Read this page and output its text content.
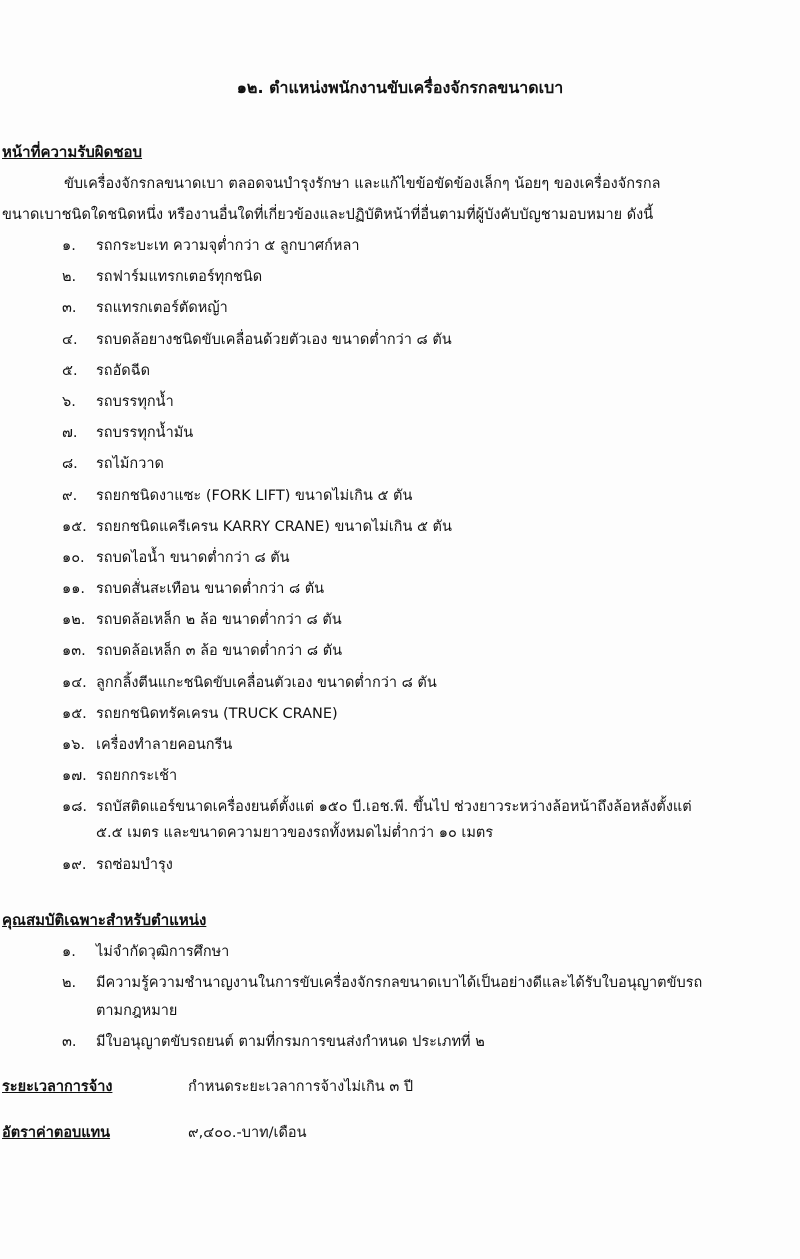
๑๒. ตำแหน่งพนักงานขับเครื่องจักรกลขนาดเบา
หน้าที่ความรับผิดชอบ
ขับเครื่องจักรกลขนาดเบา ตลอดจนบำรุงรักษา และแก้ไขข้อขัดข้องเล็กๆ น้อยๆ ของเครื่องจักรกล
ขนาดเบาชนิดใดชนิดหนึ่ง หรืองานอื่นใดที่เกี่ยวข้องและปฏิบัติหน้าที่อื่นตามที่ผู้บังคับบัญชามอบหมาย ดังนี้
๑. รถกระบะเท ความจุต่ำกว่า ๕ ลูกบาศก์หลา
๒. รถฟาร์มแทรกเตอร์ทุกชนิด
๓. รถแทรกเตอร์ตัดหญ้า
๔. รถบดล้อยางชนิดขับเคลื่อนด้วยตัวเอง ขนาดต่ำกว่า ๘ ตัน
๕. รถอัดฉีด
๖. รถบรรทุกน้ำ
๗. รถบรรทุกน้ำมัน
๘. รถไม้กวาด
๙. รถยกชนิดงาแซะ (FORK LIFT) ขนาดไม่เกิน ๕ ตัน
๑๕. รถยกชนิดแครีเครน KARRY CRANE) ขนาดไม่เกิน ๕ ตัน
๑๐. รถบดไอน้ำ ขนาดต่ำกว่า ๘ ตัน
๑๑. รถบดสั่นสะเทือน ขนาดต่ำกว่า ๘ ตัน
๑๒. รถบดล้อเหล็ก ๒ ล้อ ขนาดต่ำกว่า ๘ ตัน
๑๓. รถบดล้อเหล็ก ๓ ล้อ ขนาดต่ำกว่า ๘ ตัน
๑๔. ลูกกลิ้งตีนแกะชนิดขับเคลื่อนตัวเอง ขนาดต่ำกว่า ๘ ตัน
๑๕. รถยกชนิดทรัคเครน (TRUCK CRANE)
๑๖. เครื่องทำลายคอนกรีน
๑๗. รถยกกระเช้า
๑๘. รถบัสติดแอร์ขนาดเครื่องยนต์ตั้งแต่ ๑๕๐ บี.เอช.พี. ขึ้นไป ช่วงยาวระหว่างล้อหน้าถึงล้อหลังตั้งแต่
๕.๕ เมตร และขนาดความยาวของรถทั้งหมดไม่ต่ำกว่า ๑๐ เมตร
๑๙. รถซ่อมบำรุง
คุณสมบัติเฉพาะสำหรับตำแหน่ง
๑. ไม่จำกัดวุฒิการศึกษา
๒. มีความรู้ความชำนาญงานในการขับเครื่องจักรกลขนาดเบาได้เป็นอย่างดีและได้รับใบอนุญาตขับรถ
ตามกฎหมาย
๓. มีใบอนุญาตขับรถยนต์ ตามที่กรมการขนส่งกำหนด ประเภทที่ ๒
ระยะเวลาการจ้าง	กำหนดระยะเวลาการจ้างไม่เกิน ๓ ปี
อัตราค่าตอบแทน	๙,๔๐๐.-บาท/เดือน
